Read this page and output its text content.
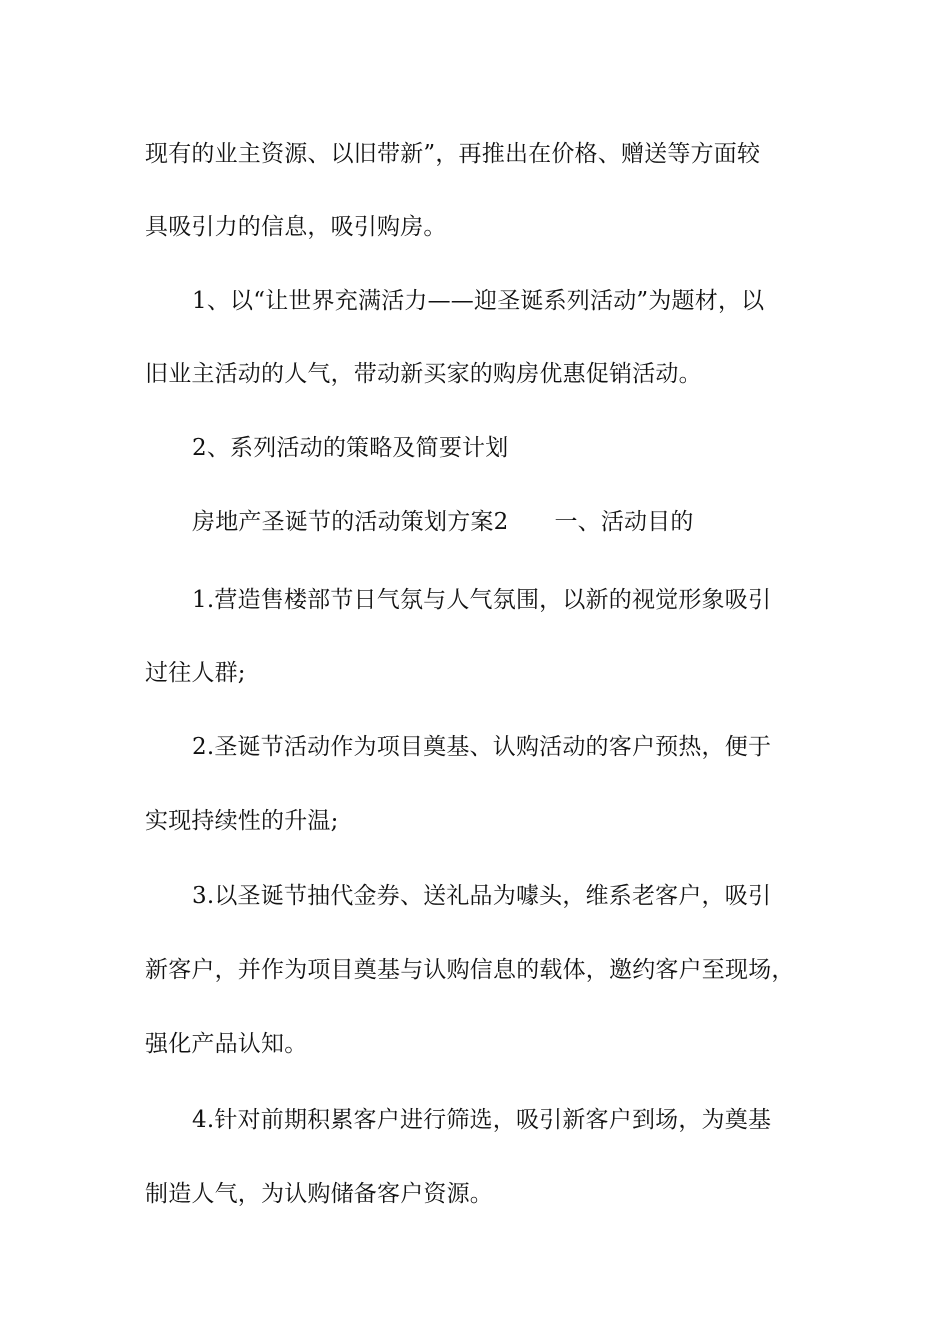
现有的业主资源、以旧带新”，再推出在价格、赠送等方面较
具吸引力的信息，吸引购房。
1、以“让世界充满活力——迎圣诞系列活动”为题材，以
旧业主活动的人气，带动新买家的购房优惠促销活动。
2、系列活动的策略及简要计划
房地产圣诞节的活动策划方案2 一、活动目的
1.营造售楼部节日气氛与人气氛围，以新的视觉形象吸引
过往人群;
2.圣诞节活动作为项目奠基、认购活动的客户预热，便于
实现持续性的升温;
3.以圣诞节抽代金券、送礼品为噱头，维系老客户，吸引
新客户，并作为项目奠基与认购信息的载体，邀约客户至现场，
强化产品认知。
4.针对前期积累客户进行筛选，吸引新客户到场，为奠基
制造人气，为认购储备客户资源。
